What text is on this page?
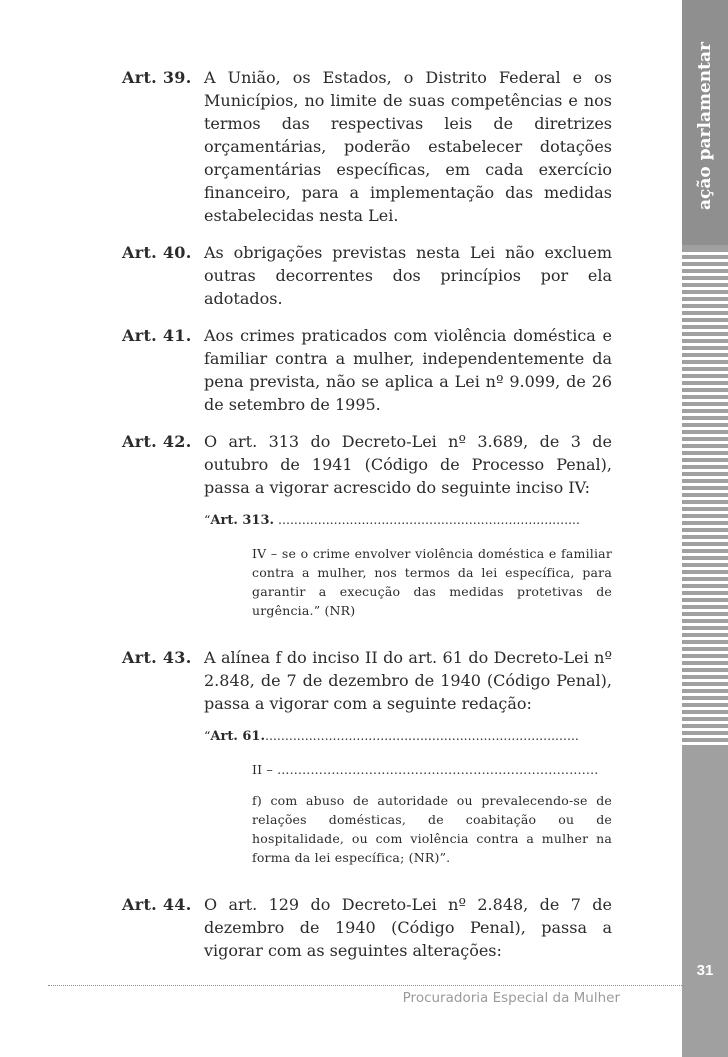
Art. 39. A União, os Estados, o Distrito Federal e os Municípios, no limite de suas competências e nos termos das respectivas leis de diretrizes orçamentárias, poderão estabelecer dotações orçamentárias específicas, em cada exercício financeiro, para a implementação das medidas estabelecidas nesta Lei.
Art. 40. As obrigações previstas nesta Lei não excluem outras decorrentes dos princípios por ela adotados.
Art. 41. Aos crimes praticados com violência doméstica e familiar contra a mulher, independentemente da pena prevista, não se aplica a Lei nº 9.099, de 26 de setembro de 1995.
Art. 42. O art. 313 do Decreto-Lei nº 3.689, de 3 de outubro de 1941 (Código de Processo Penal), passa a vigorar acrescido do seguinte inciso IV:
“Art. 313. ............................................................................
IV – se o crime envolver violência doméstica e familiar contra a mulher, nos termos da lei específica, para garantir a execução das medidas protetivas de urgência.” (NR)
Art. 43. A alínea f do inciso II do art. 61 do Decreto-Lei nº 2.848, de 7 de dezembro de 1940 (Código Penal), passa a vigorar com a seguinte redação:
“Art. 61................................................................................
II – .............................................................................
f) com abuso de autoridade ou prevalecendo-se de relações domésticas, de coabitação ou de hospitalidade, ou com violência contra a mulher na forma da lei específica; (NR)”.
Art. 44. O art. 129 do Decreto-Lei nº 2.848, de 7 de dezembro de 1940 (Código Penal), passa a vigorar com as seguintes alterações:
ação parlamentar
31
Procuradoria Especial da Mulher
